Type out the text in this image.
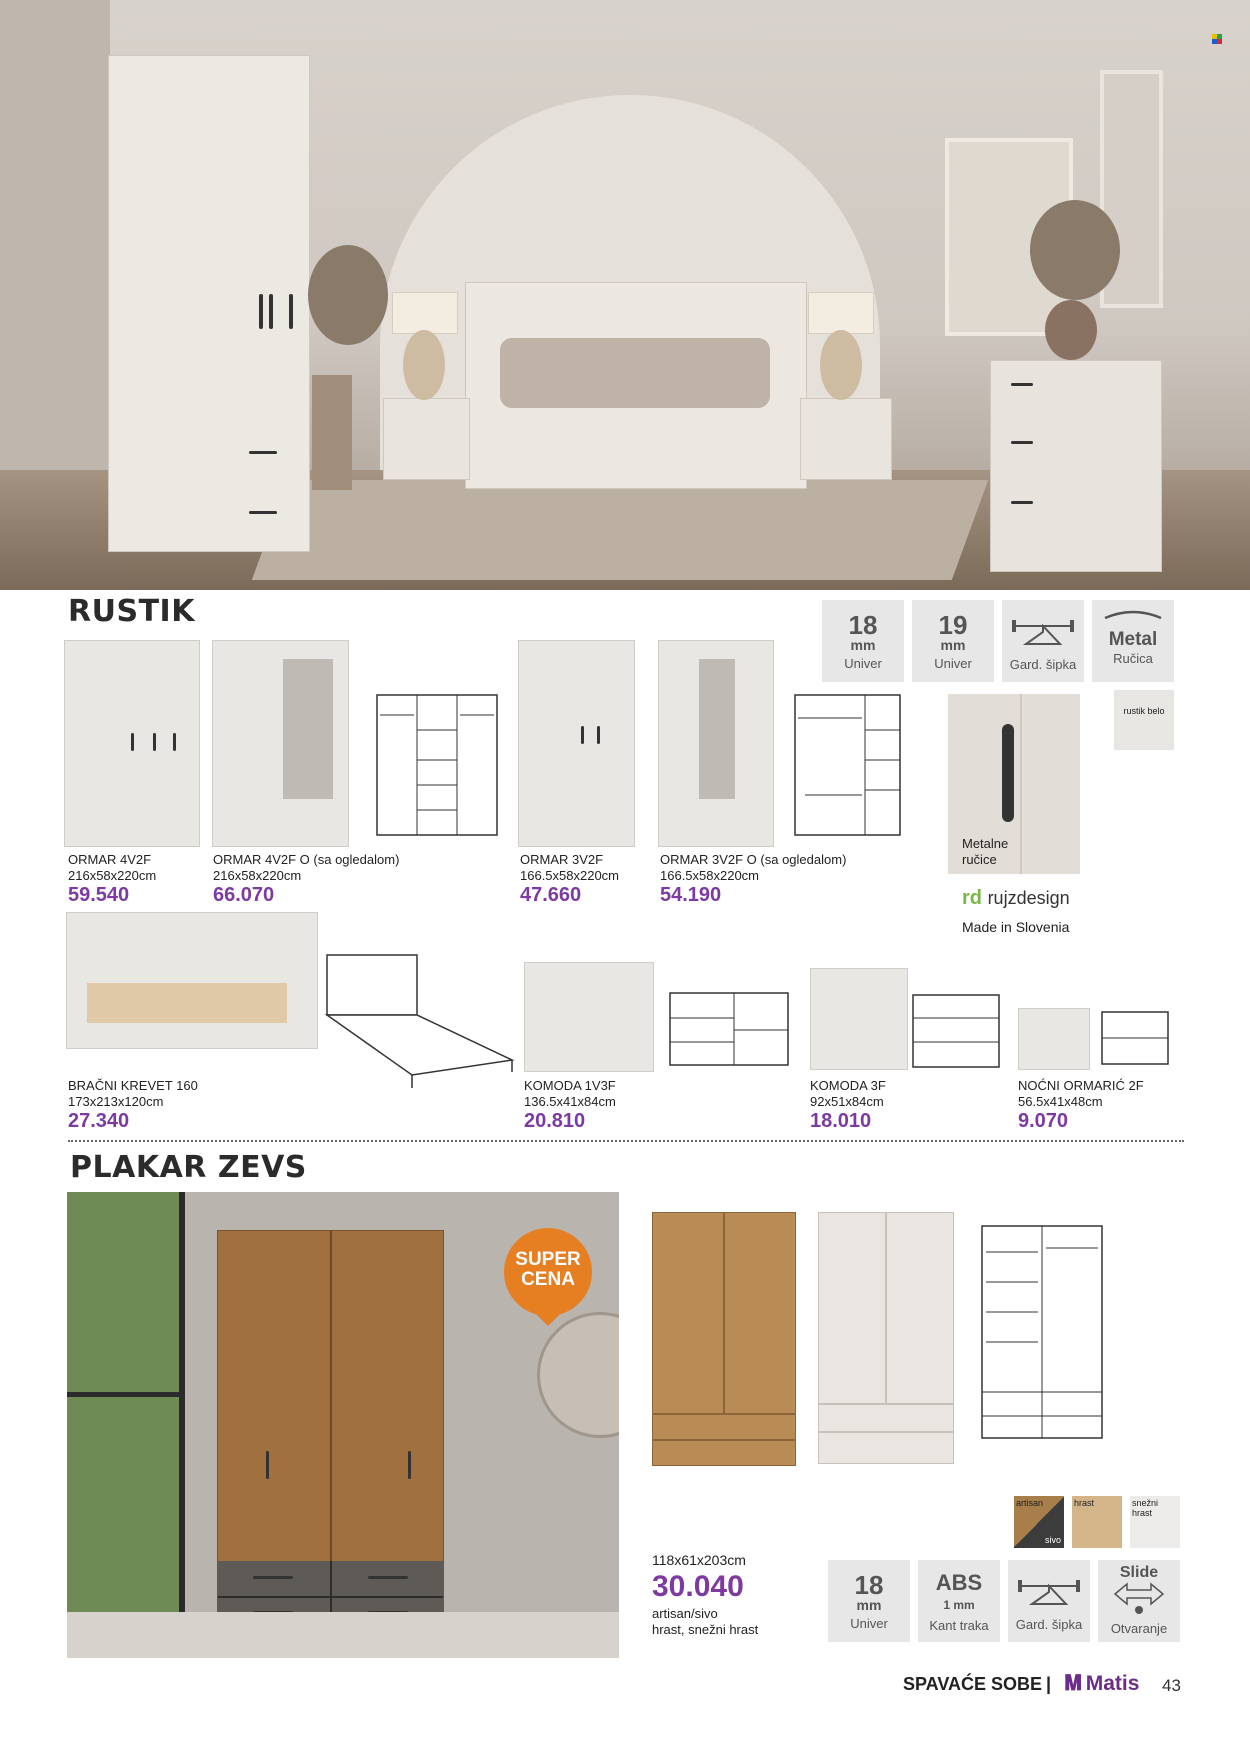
RUSTIK	18
mm
Univer
19
mm
Univer	Gard. šipka
Metal
Ručica
Metalne ručice
rustik belo
rd rujzdesign
Made in Slovenia
ORMAR 4V2F
216x58x220cm
59.540
ORMAR 4V2F O (sa ogledalom)
216x58x220cm
66.070
ORMAR 3V2F
166.5x58x220cm
47.660
ORMAR 3V2F O (sa ogledalom)
166.5x58x220cm
54.190
BRAČNI KREVET 160
173x213x120cm
27.340
KOMODA 1V3F
136.5x41x84cm
20.810
KOMODA 3F
92x51x84cm
18.010
NOĆNI ORMARIĆ 2F
56.5x41x48cm
9.070
PLAKAR ZEVS
SUPER
CENA
artisan
sivo
hrast	snežni hrast
118x61x203cm
30.040
artisan/sivo
hrast, snežni hrast
18
mm
Univer
ABS
1 mm
Kant traka	Gard. šipka
Slide
Otvaranje
SPAVAĆE SOBE | 𝐌 Matis 43
